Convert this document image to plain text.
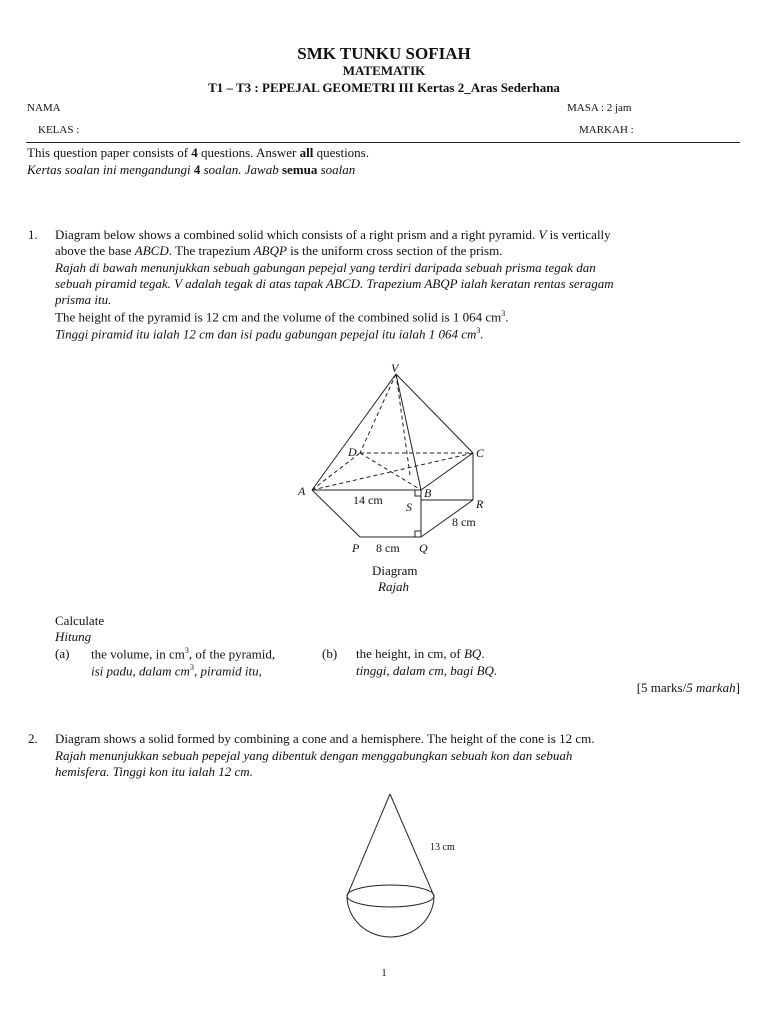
SMK TUNKU SOFIAH
MATEMATIK
T1 – T3 : PEPEJAL GEOMETRI III Kertas 2_Aras Sederhana
NAMA	MASA : 2 jam
KELAS :	MARKAH :
This question paper consists of 4 questions. Answer all questions.
Kertas soalan ini mengandungi 4 soalan. Jawab semua soalan
1. Diagram below shows a combined solid which consists of a right prism and a right pyramid. V is vertically
above the base ABCD. The trapezium ABQP is the uniform cross section of the prism.
Rajah di bawah menunjukkan sebuah gabungan pepejal yang terdiri daripada sebuah prisma tegak dan
sebuah piramid tegak. V adalah tegak di atas tapak ABCD. Trapezium ABQP ialah keratan rentas seragam
prisma itu.
The height of the pyramid is 12 cm and the volume of the combined solid is 1 064 $cm^3$.
Tinggi piramid itu ialah 12 cm dan isi padu gabungan pepejal itu ialah 1 064 $cm^3$.
V
D	C
A	B
S	R
P	Q
14 cm
8 cm
8 cm
Diagram
Rajah
Calculate
Hitung
(a) the volume, in $cm^3$, of the pyramid,
isi padu, dalam $cm^3$, piramid itu,
(b) the height, in cm, of BQ.
tinggi, dalam cm, bagi BQ.
[5 marks/5 markah]
2. Diagram shows a solid formed by combining a cone and a hemisphere. The height of the cone is 12 cm.
Rajah menunjukkan sebuah pepejal yang dibentuk dengan menggabungkan sebuah kon dan sebuah
hemisfera. Tinggi kon itu ialah 12 cm.
13 cm
1
